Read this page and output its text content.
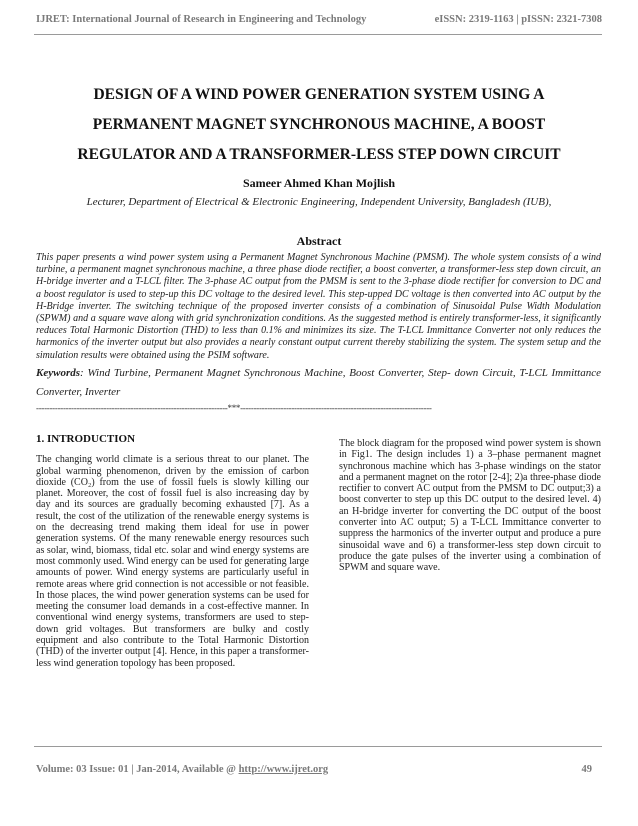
IJRET: International Journal of Research in Engineering and Technology	eISSN: 2319-1163 | pISSN: 2321-7308
DESIGN OF A WIND POWER GENERATION SYSTEM USING A
PERMANENT MAGNET SYNCHRONOUS MACHINE, A BOOST
REGULATOR AND A TRANSFORMER-LESS STEP DOWN CIRCUIT
Sameer Ahmed Khan Mojlish
Lecturer, Department of Electrical & Electronic Engineering, Independent University, Bangladesh (IUB),
Abstract
This paper presents a wind power system using a Permanent Magnet Synchronous Machine (PMSM). The whole system consists of a wind turbine, a permanent magnet synchronous machine, a three phase diode rectifier, a boost converter, a transformer-less step down circuit, an H-bridge inverter and a T-LCL filter. The 3-phase AC output from the PMSM is sent to the 3-phase diode rectifier for conversion to DC and a boost regulator is used to step-up this DC voltage to the desired level. This step-upped DC voltage is then converted into AC output by the H-Bridge inverter. The switching technique of the proposed inverter consists of a combination of Sinusoidal Pulse Width Modulation (SPWM) and a square wave along with grid synchronization conditions. As the suggested method is entirely transformer-less, it significantly reduces Total Harmonic Distortion (THD) to less than 0.1% and minimizes its size. The T-LCL Immittance Converter not only reduces the harmonics of the inverter output but also provides a nearly constant output current thereby stabilizing the system. The system setup and the simulation results were obtained using the PSIM software.
Keywords: Wind Turbine, Permanent Magnet Synchronous Machine, Boost Converter, Step- down Circuit, T-LCL Immittance Converter, Inverter
-----------------------------------------------------------------------***-----------------------------------------------------------------------
1. INTRODUCTION

The changing world climate is a serious threat to our planet. The global warming phenomenon, driven by the emission of carbon dioxide (CO₂) from the use of fossil fuels is slowly killing our planet. Moreover, the cost of fossil fuel is also increasing day by day and its sources are gradually becoming exhausted [7]. As a result, the cost of the utilization of the renewable energy systems is on the decreasing trend making them ideal for use in power generation systems. Of the many renewable energy resources such as solar, wind, biomass, tidal etc. solar and wind energy systems are most commonly used. Wind energy can be used for generating large amounts of power. Wind energy systems are particularly useful in remote areas where grid connection is not accessible or not feasible. In those places, the wind power generation systems can be used for meeting the consumer load demands in a cost-effective manner. In conventional wind energy systems, transformers are used to step-down grid voltages. But transformers are bulky and costly equipment and also contribute to the Total Harmonic Distortion (THD) of the inverter output [4]. Hence, in this paper a transformer-less wind generation topology has been proposed.

The block diagram for the proposed wind power system is shown in Fig1. The design includes 1) a 3–phase permanent magnet synchronous machine which has 3-phase windings on the stator and a permanent magnet on the rotor [2-4]; 2)a three-phase diode rectifier to convert AC output from the PMSM to DC output;3) a boost converter to step up this DC output to the desired level. 4) an H-bridge inverter for converting the DC output of the boost converter into AC output; 5) a T-LCL Immittance converter to suppress the harmonics of the inverter output and produce a pure sinusoidal wave and 6) a transformer-less step down circuit to produce the gate pulses of the inverter using a combination of SPWM and square wave.

Volume: 03 Issue: 01 | Jan-2014, Available @ http://www.ijret.org	49
